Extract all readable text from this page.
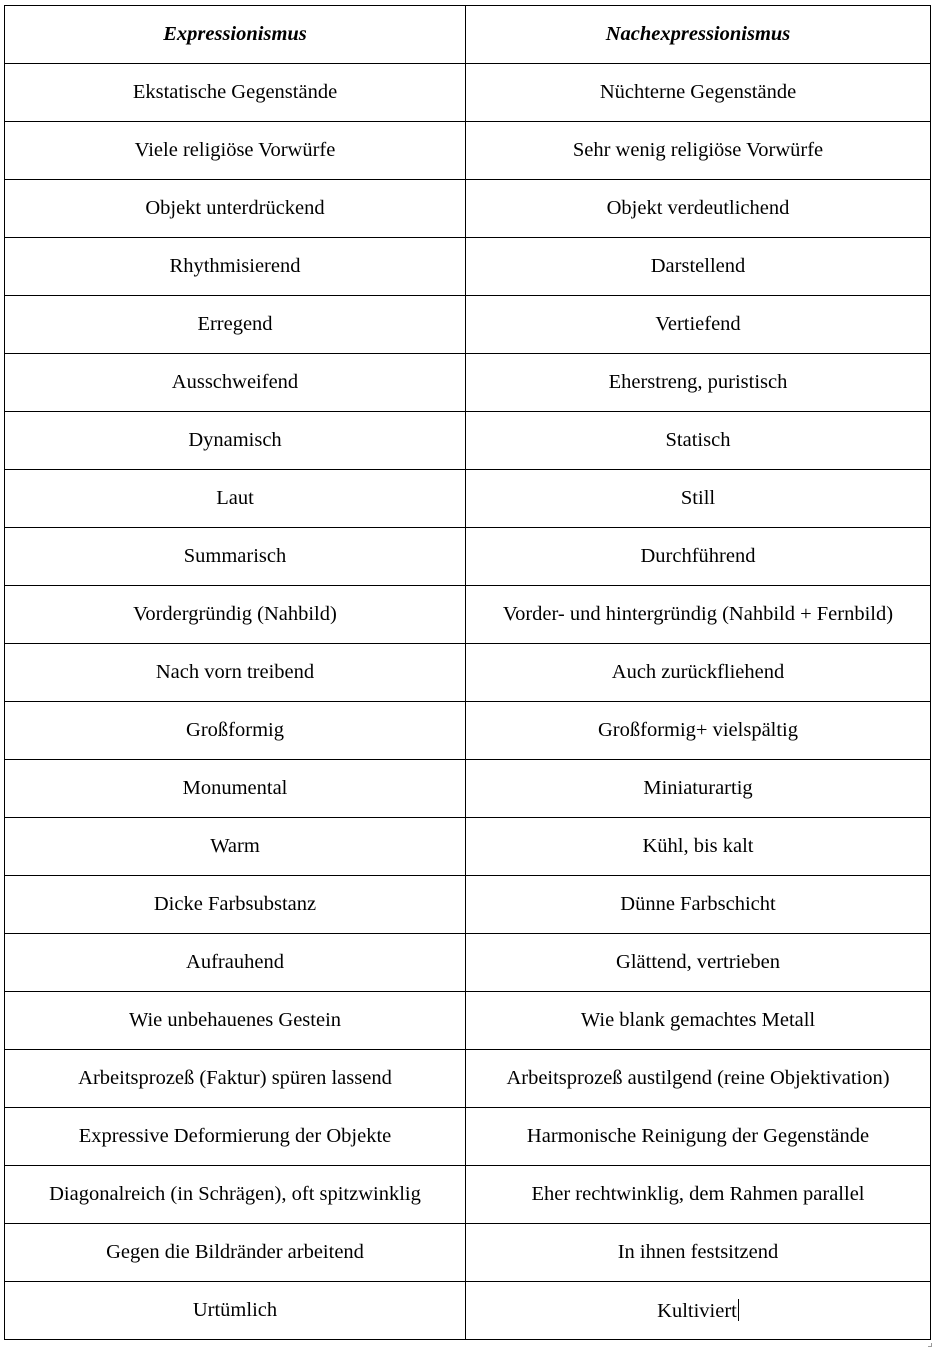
Expressionismus	Nachexpressionismus
Ekstatische Gegenstände	Nüchterne Gegenstände
Viele religiöse Vorwürfe	Sehr wenig religiöse Vorwürfe
Objekt unterdrückend	Objekt verdeutlichend
Rhythmisierend	Darstellend
Erregend	Vertiefend
Ausschweifend	Eherstreng, puristisch
Dynamisch	Statisch
Laut	Still
Summarisch	Durchführend
Vordergründig (Nahbild)	Vorder- und hintergründig (Nahbild + Fernbild)
Nach vorn treibend	Auch zurückfliehend
Großformig	Großformig+ vielspältig
Monumental	Miniaturartig
Warm	Kühl, bis kalt
Dicke Farbsubstanz	Dünne Farbschicht
Aufrauhend	Glättend, vertrieben
Wie unbehauenes Gestein	Wie blank gemachtes Metall
Arbeitsprozeß (Faktur) spüren lassend	Arbeitsprozeß austilgend (reine Objektivation)
Expressive Deformierung der Objekte	Harmonische Reinigung der Gegenstände
Diagonalreich (in Schrägen), oft spitzwinklig	Eher rechtwinklig, dem Rahmen parallel
Gegen die Bildränder arbeitend	In ihnen festsitzend
Urtümlich	Kultiviert
